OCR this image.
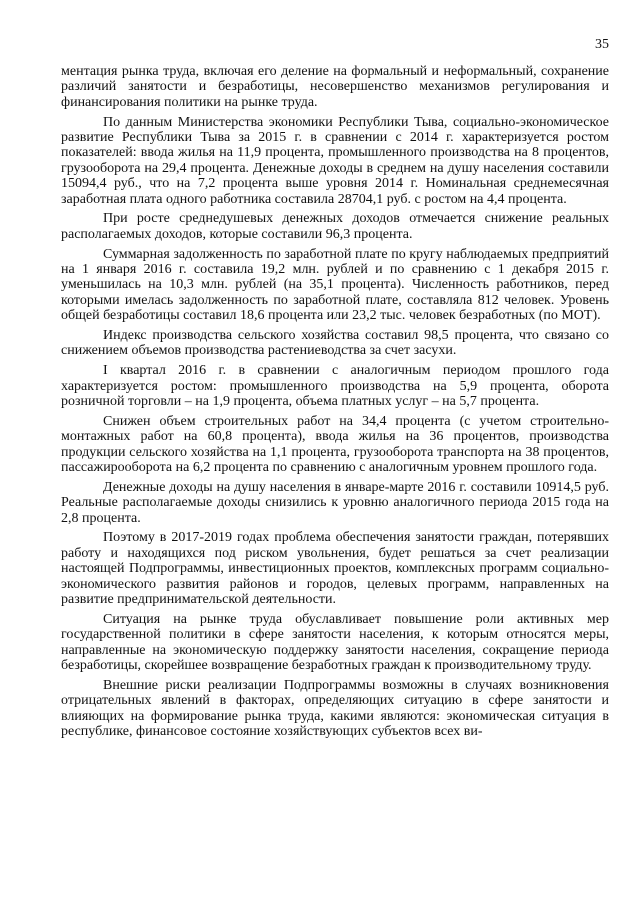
35

ментация рынка труда, включая его деление на формальный и неформальный, сохранение различий занятости и безработицы, несовершенство механизмов регулирования и финансирования политики на рынке труда.

По данным Министерства экономики Республики Тыва, социально-экономическое развитие Республики Тыва за 2015 г. в сравнении с 2014 г. характеризуется ростом показателей: ввода жилья на 11,9 процента, промышленного производства на 8 процентов, грузооборота на 29,4 процента. Денежные доходы в среднем на душу населения составили 15094,4 руб., что на 7,2 процента выше уровня 2014 г. Номинальная среднемесячная заработная плата одного работника составила 28704,1 руб. с ростом на 4,4 процента.

При росте среднедушевых денежных доходов отмечается снижение реальных располагаемых доходов, которые составили 96,3 процента.

Суммарная задолженность по заработной плате по кругу наблюдаемых предприятий на 1 января 2016 г. составила 19,2 млн. рублей и по сравнению с 1 декабря 2015 г. уменьшилась на 10,3 млн. рублей (на 35,1 процента). Численность работников, перед которыми имелась задолженность по заработной плате, составляла 812 человек. Уровень общей безработицы составил 18,6 процента или 23,2 тыс. человек безработных (по МОТ).

Индекс производства сельского хозяйства составил 98,5 процента, что связано со снижением объемов производства растениеводства за счет засухи.

I квартал 2016 г. в сравнении с аналогичным периодом прошлого года характеризуется ростом: промышленного производства на 5,9 процента, оборота розничной торговли – на 1,9 процента, объема платных услуг – на 5,7 процента.

Снижен объем строительных работ на 34,4 процента (с учетом строительно-монтажных работ на 60,8 процента), ввода жилья на 36 процентов, производства продукции сельского хозяйства на 1,1 процента, грузооборота транспорта на 38 процентов, пассажирооборота на 6,2 процента по сравнению с аналогичным уровнем прошлого года.

Денежные доходы на душу населения в январе-марте 2016 г. составили 10914,5 руб. Реальные располагаемые доходы снизились к уровню аналогичного периода 2015 года на 2,8 процента.

Поэтому в 2017-2019 годах проблема обеспечения занятости граждан, потерявших работу и находящихся под риском увольнения, будет решаться за счет реализации настоящей Подпрограммы, инвестиционных проектов, комплексных программ социально-экономического развития районов и городов, целевых программ, направленных на развитие предпринимательской деятельности.

Ситуация на рынке труда обуславливает повышение роли активных мер государственной политики в сфере занятости населения, к которым относятся меры, направленные на экономическую поддержку занятости населения, сокращение периода безработицы, скорейшее возвращение безработных граждан к производительному труду.

Внешние риски реализации Подпрограммы возможны в случаях возникновения отрицательных явлений в факторах, определяющих ситуацию в сфере занятости и влияющих на формирование рынка труда, какими являются: экономическая ситуация в республике, финансовое состояние хозяйствующих субъектов всех ви-
